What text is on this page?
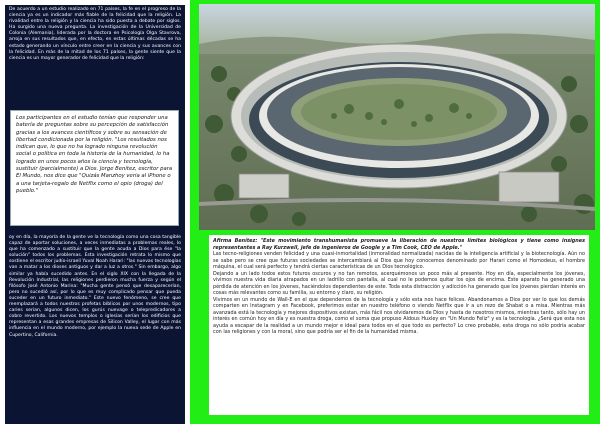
De acuerdo a un estudio realizado en 71 países, la fe en el progreso de la ciencia ya es un indicador más fiable de la felicidad que la religión. La rivalidad entre la religión y la ciencia ha sido puesta a debate por siglos. Ha surgido una nueva pregunta. La investigación de la Universidad de Colonia (Alemania), liderada por la doctora en Psicología Olga Stavrova, arroja en sus resultados que, en efecto, en estas últimas décadas se ha estado generando un vínculo entre creer en la ciencia y sus avances con la felicidad. En más de la mitad de los 71 países, la gente siente que la ciencia es un mayor generador de felicidad que la religión:

Los participantes en el estudio tenían que responder una batería de preguntas sobre su percepción de satisfacción gracias a los avances científicos y sobre su sensación de libertad condicionada por la religión. "Los resultados nos indican que, lo que no ha logrado ninguna revolución social o política en toda la historia de la humanidad, lo ha logrado en unos pocos años la ciencia y tecnología, sustituir (parcialmente) a Dios. Jorge Benítez, escritor para El Mundo, nos dice que "Quizás Manzhoy veria al iPhone o a una tarjeta-regalo de Netflix como el opio (droga) del pueblo."

oy en día, la mayoría de la gente ve la tecnología como una cosa tangible capaz de aportar soluciones, a veces inmediatas a problemas reales, lo que ha comenzado a sustituir que la gente acuda a Dios para ése "la solución" todos los problemas. Esta investigación retrata lo mismo que sostiene el escritor judío-israelí Yuval Noah Harari: "las nuevas tecnologías van a matar a los dioses antiguos y dar a luz a otros." Sin embargo, algo similar ya había sucedido antes. En el siglo XIX con la llegada de la Revolución Industrial, las religiones perdieron mucha fuerza y según el filósofo José Antonio Marina: "Mucha gente pensó que desaparecerían, pero no sucedió así, por lo que es muy complicado pensar que pueda suceder en un futuro inmediato." Este nuevo fenómeno, se cree que reemplazará a todos nuestros profetas bíblicos por unos modernos, tipo caries serian, algunos dicen, los gurús nuevage o telepredicadores a cobro revertido. Los nuevos templos o iglesias serían los edificios que representan a esas grandes empresas de Silicon Valley, el lugar con más influencia en el mundo moderno, por ejemplo la nueva sede de Apple en Cupertino, California.

Afirma Benítez: "Este movimiento transhumanista promueve la liberación de nuestros límites biológicos y tiene como insignes representantes a Ray Kurzweil, jefe de ingenieros de Google y a Tim Cook, CEO de Apple."

Las tecno-religiones venden felicidad y una cuasi-inmortalidad (inmoralidad normalizada) nacidas de la inteligencia artificial y la biotecnología. Aún no se sabe pero se cree que futuras sociedades se intercambiará al Dios que hoy conocemos denominado por Harari como el Homodeus, el hombre máquina, el cual será perfecto y tendrá ciertas características de un Dios tecnológico.

Dejando a un lado todos estos futuros oscuros y no tan remotos, acerquémonos un poco más al presente. Hoy en día, especialmente los jóvenes, vivimos nuestra vida diaria atrapados en un ladrillo con pantalla, al cual no le podemos quitar los ojos de encima. Este aparato ha generado una pérdida de atención en los jóvenes, haciéndolos dependientes de este. Toda esta distracción y adicción ha generado que los jóvenes pierdan interés en cosas más relevantes como su familia, su entorno y claro, su religión.

Vivimos en un mundo de Wall-E en el que dependemos de la tecnología y sólo esta nos hace felices. Abandonamos a Dios por ver lo que los demás comparten en Instagram y en Facebook, preferimos estar en nuestro teléfono o viendo Netflix que ir a un rezo de Shabat o a misa. Mientras más avanzada está la tecnología y mejores dispositivos existan, más fácil nos olvidaremos de Dios y hasta de nosotros mismos, mientras tanto, sólo hay un interés en común hoy en día y es nuestra droga, como el soma que propuso Aldous Huxley en "Un Mundo Feliz" y es la tecnología. ¿Será que esta nos ayuda a escapar de la realidad a un mundo mejor e ideal para todos en el que todo es perfecto? Lo creo probable, esta droga no sólo podría acabar con las religiones y con la moral, sino que podría ser el fin de la humanidad misma.
